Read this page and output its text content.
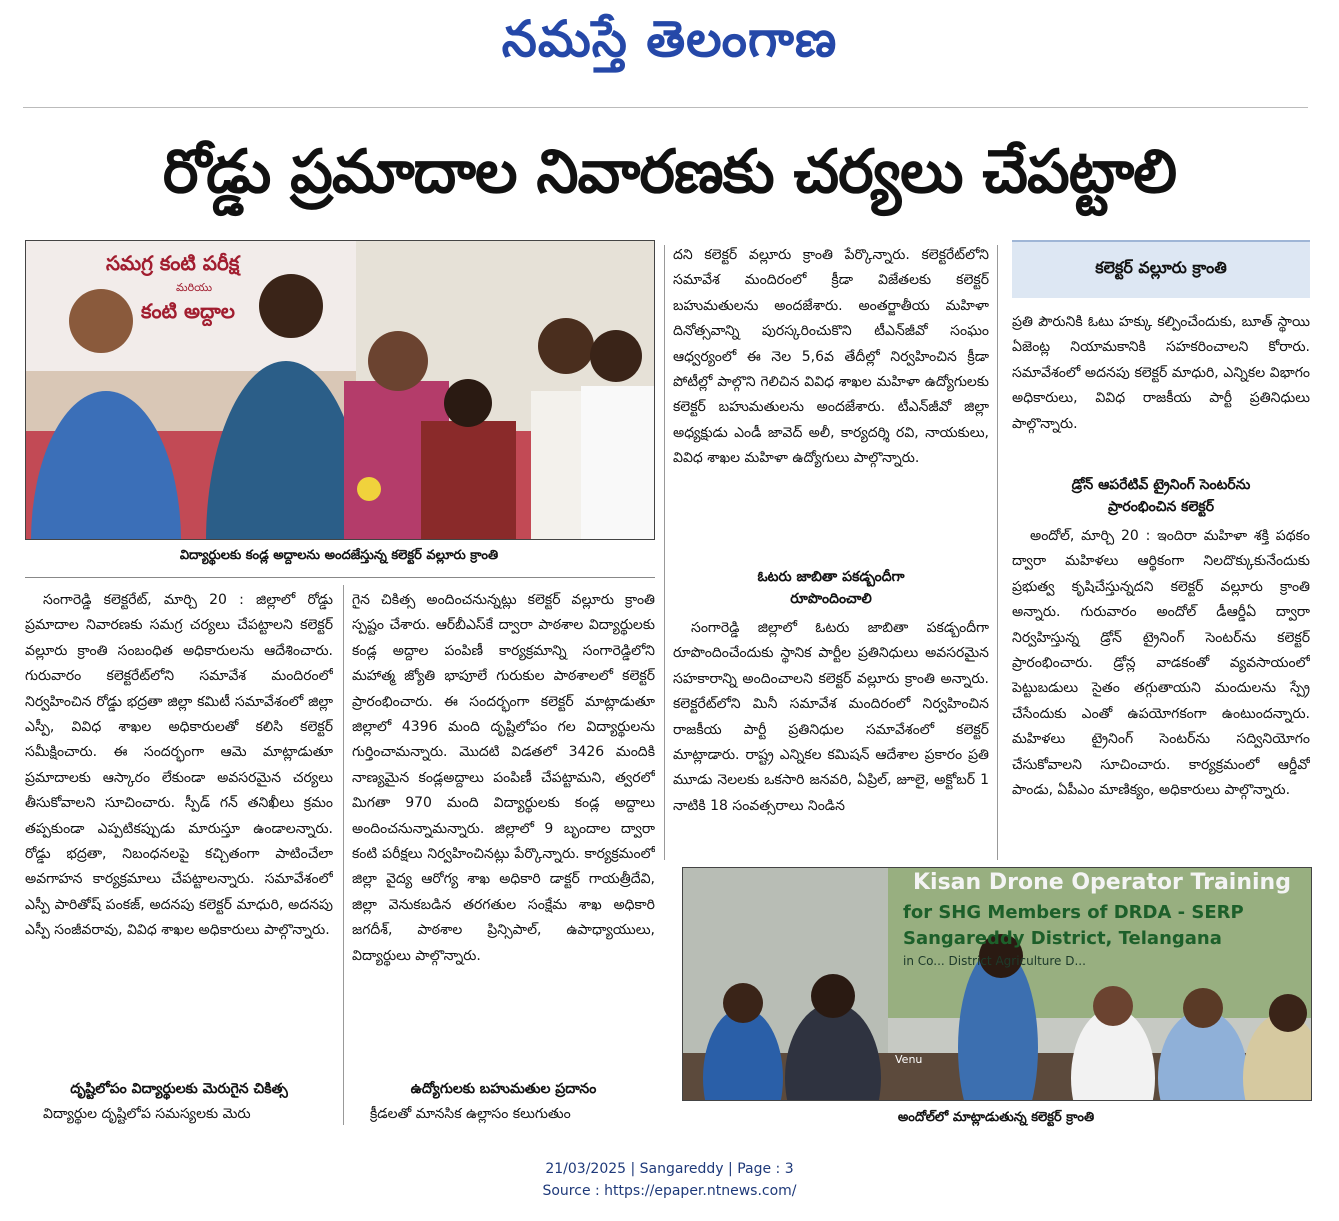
నమస్తే తెలంగాణ
రోడ్డు ప్రమాదాల నివారణకు చర్యలు చేపట్టాలి
సమగ్ర కంటి పరీక్ష
మరియు
కంటి అద్దాల
విద్యార్థులకు కండ్ల అద్దాలను అందజేస్తున్న కలెక్టర్ వల్లూరు క్రాంతి

సంగారెడ్డి కలెక్టరేట్, మార్చి 20 : జిల్లాలో రోడ్డు ప్రమాదాల నివారణకు సమగ్ర చర్యలు చేపట్టాలని కలెక్టర్ వల్లూరు క్రాంతి సంబంధిత అధికారులను ఆదేశించారు. గురువారం కలెక్టరేట్‌లోని సమావేశ మందిరంలో నిర్వహించిన రోడ్డు భద్రతా జిల్లా కమిటీ సమావేశంలో జిల్లా ఎస్పీ, వివిధ శాఖల అధికారులతో కలిసి కలెక్టర్ సమీక్షించారు. ఈ సందర్భంగా ఆమె మాట్లాడుతూ ప్రమాదాలకు ఆస్కారం లేకుండా అవసరమైన చర్యలు తీసుకోవాలని సూచించారు. స్పీడ్ గన్ తనిఖీలు క్రమం తప్పకుండా ఎప్పటికప్పుడు మారుస్తూ ఉండాలన్నారు. రోడ్డు భద్రతా, నిబంధనలపై కచ్చితంగా పాటించేలా అవగాహన కార్యక్రమాలు చేపట్టాలన్నారు. సమావేశంలో ఎస్పీ పారితోష్ పంకజ్, అదనపు కలెక్టర్ మాధురి, అదనపు ఎస్పీ సంజీవరావు, వివిధ శాఖల అధికారులు పాల్గొన్నారు.

దృష్టిలోపం విద్యార్థులకు మెరుగైన చికిత్స

విద్యార్థుల దృష్టిలోప సమస్యలకు మెరు

గైన చికిత్స అందించనున్నట్లు కలెక్టర్ వల్లూరు క్రాంతి స్పష్టం చేశారు. ఆర్‌బీఎస్‌కే ద్వారా పాఠశాల విద్యార్థులకు కండ్ల అద్దాల పంపిణీ కార్యక్రమాన్ని సంగారెడ్డిలోని మహాత్మ జ్యోతి భాపూలే గురుకుల పాఠశాలలో కలెక్టర్ ప్రారంభించారు. ఈ సందర్భంగా కలెక్టర్ మాట్లాడుతూ జిల్లాలో 4396 మంది దృష్టిలోపం గల విద్యార్థులను గుర్తించామన్నారు. మొదటి విడతలో 3426 మందికి నాణ్యమైన కండ్లఅద్దాలు పంపిణీ చేపట్టామని, త్వరలో మిగతా 970 మంది విద్యార్థులకు కండ్ల అద్దాలు అందించనున్నామన్నారు. జిల్లాలో 9 బృందాల ద్వారా కంటి పరీక్షలు నిర్వహించినట్లు పేర్కొన్నారు. కార్యక్రమంలో జిల్లా వైద్య ఆరోగ్య శాఖ అధికారి డాక్టర్ గాయత్రీదేవి, జిల్లా వెనుకబడిన తరగతుల సంక్షేమ శాఖ అధికారి జగదీశ్, పాఠశాల ప్రిన్సిపాల్, ఉపాధ్యాయులు, విద్యార్థులు పాల్గొన్నారు.

ఉద్యోగులకు బహుమతుల ప్రదానం

క్రీడలతో మానసిక ఉల్లాసం కలుగుతుం

దని కలెక్టర్ వల్లూరు క్రాంతి పేర్కొన్నారు. కలెక్టరేట్‌లోని సమావేశ మందిరంలో క్రీడా విజేతలకు కలెక్టర్ బహుమతులను అందజేశారు. అంతర్జాతీయ మహిళా దినోత్సవాన్ని పురస్కరించుకొని టీఎన్‌జీవో సంఘం ఆధ్వర్యంలో ఈ నెల 5,6వ తేదీల్లో నిర్వహించిన క్రీడా పోటీల్లో పాల్గొని గెలిచిన వివిధ శాఖల మహిళా ఉద్యోగులకు కలెక్టర్ బహుమతులను అందజేశారు. టీఎన్‌జీవో జిల్లా అధ్యక్షుడు ఎండీ జావెద్ అలీ, కార్యదర్శి రవి, నాయకులు, వివిధ శాఖల మహిళా ఉద్యోగులు పాల్గొన్నారు.

ఓటరు జాబితా పకడ్బందీగా
రూపొందించాలి

సంగారెడ్డి జిల్లాలో ఓటరు జాబితా పకడ్బందీగా రూపొందించేందుకు స్థానిక పార్టీల ప్రతినిధులు అవసరమైన సహకారాన్ని అందించాలని కలెక్టర్ వల్లూరు క్రాంతి అన్నారు. కలెక్టరేట్‌లోని మినీ సమావేశ మందిరంలో నిర్వహించిన రాజకీయ పార్టీ ప్రతినిధుల సమావేశంలో కలెక్టర్ మాట్లాడారు. రాష్ట్ర ఎన్నికల కమిషన్ ఆదేశాల ప్రకారం ప్రతి మూడు నెలలకు ఒకసారి జనవరి, ఏప్రిల్, జూలై, అక్టోబర్ 1 నాటికి 18 సంవత్సరాలు నిండిన

కలెక్టర్ వల్లూరు క్రాంతి

ప్రతి పౌరునికి ఓటు హక్కు కల్పించేందుకు, బూత్ స్థాయి ఏజెంట్ల నియామకానికి సహకరించాలని కోరారు. సమావేశంలో అదనపు కలెక్టర్ మాధురి, ఎన్నికల విభాగం అధికారులు, వివిధ రాజకీయ పార్టీ ప్రతినిధులు పాల్గొన్నారు.

డ్రోన్ ఆపరేటివ్ ట్రైనింగ్ సెంటర్‌ను
ప్రారంభించిన కలెక్టర్

అందోల్, మార్చి 20 : ఇందిరా మహిళా శక్తి పథకం ద్వారా మహిళలు ఆర్థికంగా నిలదొక్కుకునేందుకు ప్రభుత్వ కృషిచేస్తున్నదని కలెక్టర్ వల్లూరు క్రాంతి అన్నారు. గురువారం అందోల్ డీఆర్డీఏ ద్వారా నిర్వహిస్తున్న డ్రోన్ ట్రైనింగ్ సెంటర్‌ను కలెక్టర్ ప్రారంభించారు. డ్రోన్ల వాడకంతో వ్యవసాయంలో పెట్టుబడులు సైతం తగ్గుతాయని మందులను స్ప్రే చేసేందుకు ఎంతో ఉపయోగకంగా ఉంటుందన్నారు. మహిళలు ట్రైనింగ్ సెంటర్‌ను సద్వినియోగం చేసుకోవాలని సూచించారు. కార్యక్రమంలో ఆర్డీవో పాండు, ఏపీఎం మాణిక్యం, అధికారులు పాల్గొన్నారు.

Kisan Drone Operator Training
for SHG Members of DRDA - SERP
Sangareddy District, Telangana
in Co... District Agriculture D...
Venu
అందోల్‌లో మాట్లాడుతున్న కలెక్టర్ క్రాంతి
21/03/2025 | Sangareddy | Page : 3
Source : https://epaper.ntnews.com/
